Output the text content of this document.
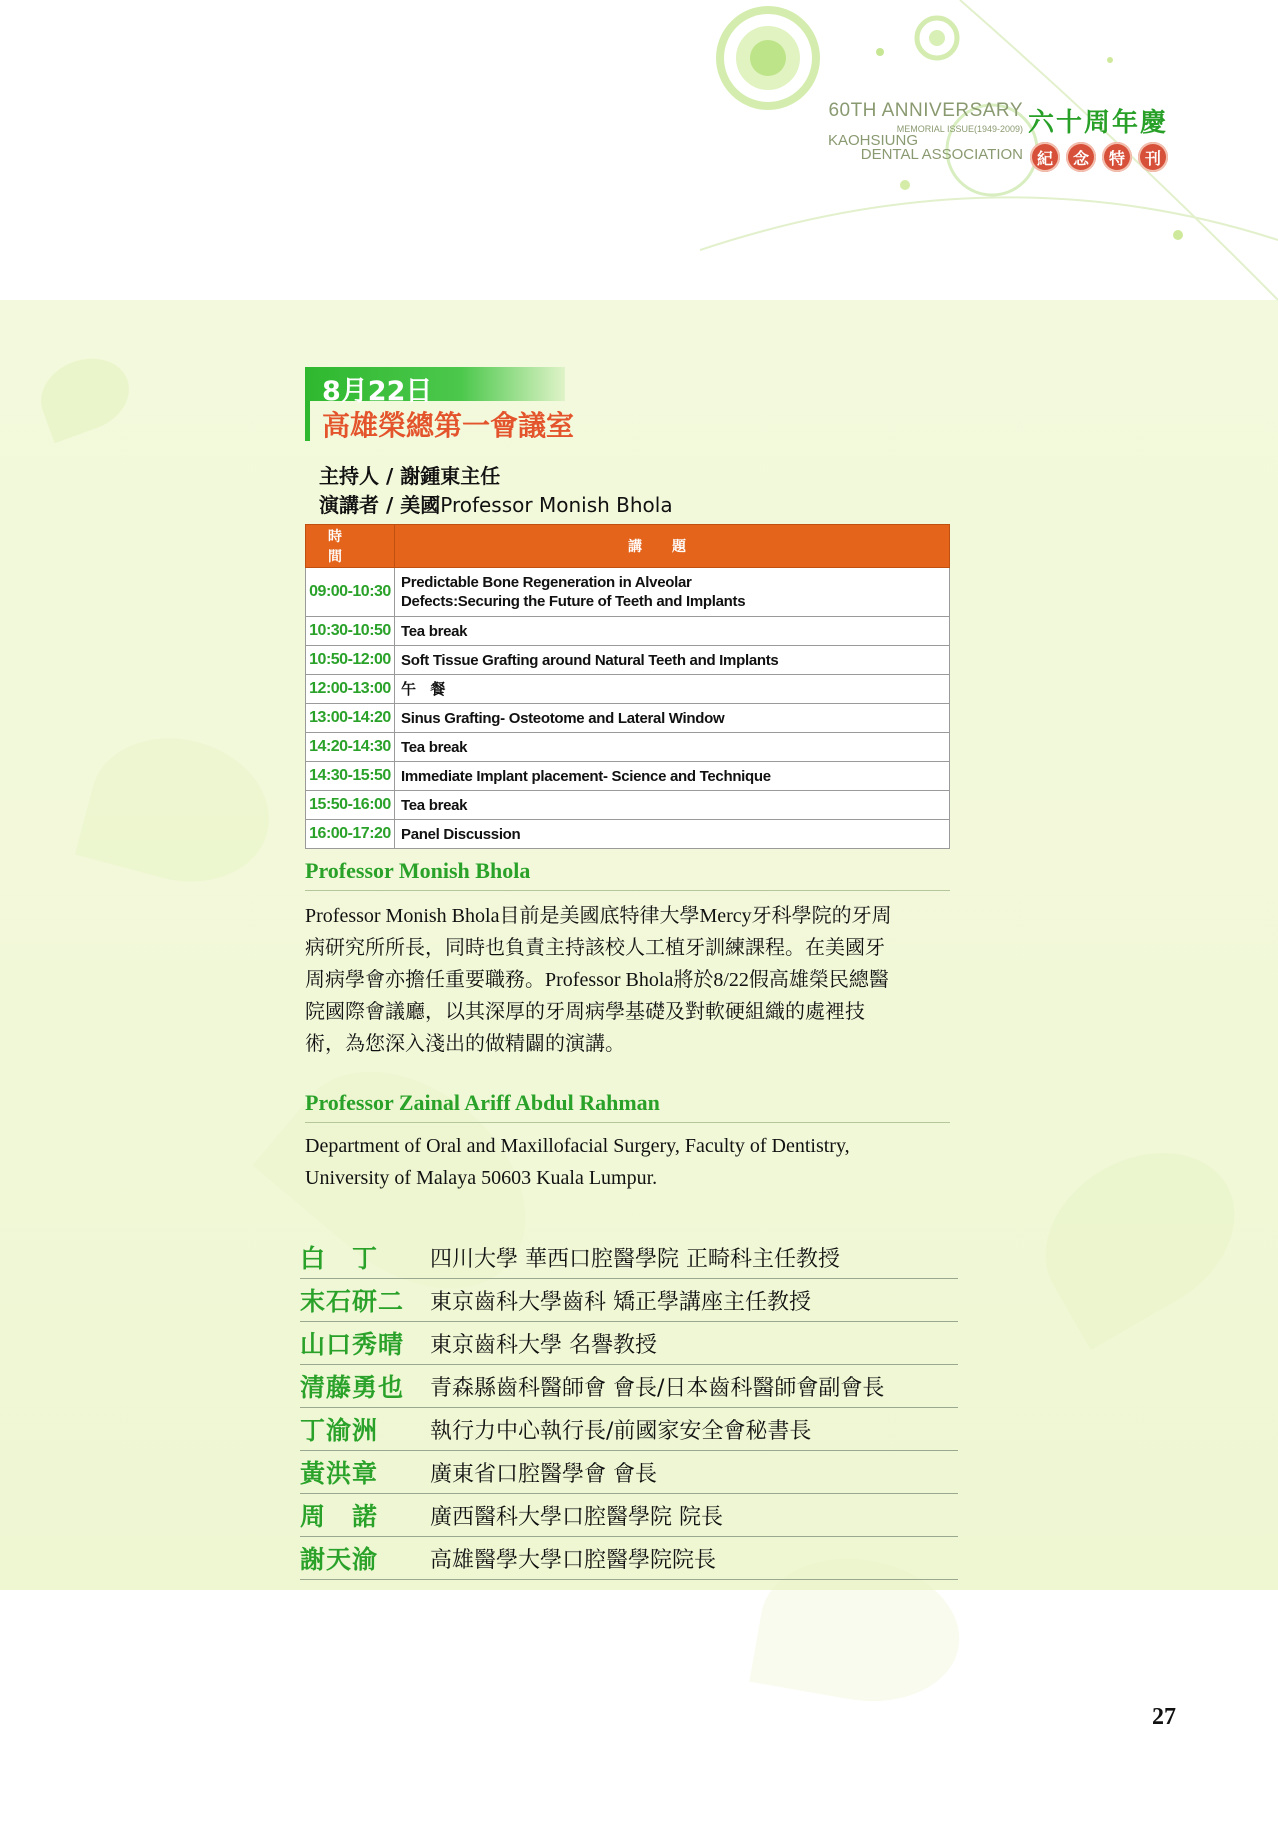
60TH ANNIVERSARY
MEMORIAL ISSUE(1949-2009)
KAOHSIUNG
DENTAL ASSOCIATION
六十周年慶
紀	念	特	刊
8月22日
高雄榮總第一會議室
主持人 / 謝鍾東主任
演講者 / 美國Professor Monish Bhola
時間	講題
09:00-10:30	Predictable Bone Regeneration in Alveolar
Defects:Securing the Future of Teeth and Implants

10:30-10:50	Tea break
10:50-12:00	Soft Tissue Grafting around Natural Teeth and Implants
12:00-13:00	午　餐
13:00-14:20	Sinus Grafting- Osteotome and Lateral Window
14:20-14:30	Tea break
14:30-15:50	Immediate Implant placement- Science and Technique
15:50-16:00	Tea break
16:00-17:20	Panel Discussion
Professor Monish Bhola
Professor Monish Bhola目前是美國底特律大學Mercy牙科學院的牙周
病研究所所長，同時也負責主持該校人工植牙訓練課程。在美國牙
周病學會亦擔任重要職務。Professor Bhola將於8/22假高雄榮民總醫
院國際會議廳，以其深厚的牙周病學基礎及對軟硬組織的處裡技
術，為您深入淺出的做精闢的演講。
Professor Zainal Ariff Abdul Rahman
Department of Oral and Maxillofacial Surgery, Faculty of Dentistry,
University of Malaya 50603 Kuala Lumpur.
白　丁	四川大學 華西口腔醫學院 正畸科主任教授
末石研二	東京齒科大學齒科 矯正學講座主任教授
山口秀晴	東京齒科大學 名譽教授
清藤勇也	青森縣齒科醫師會 會長/日本齒科醫師會副會長
丁渝洲	執行力中心執行長/前國家安全會秘書長
黃洪章	廣東省口腔醫學會 會長
周　諾	廣西醫科大學口腔醫學院 院長
謝天渝	高雄醫學大學口腔醫學院院長
27
